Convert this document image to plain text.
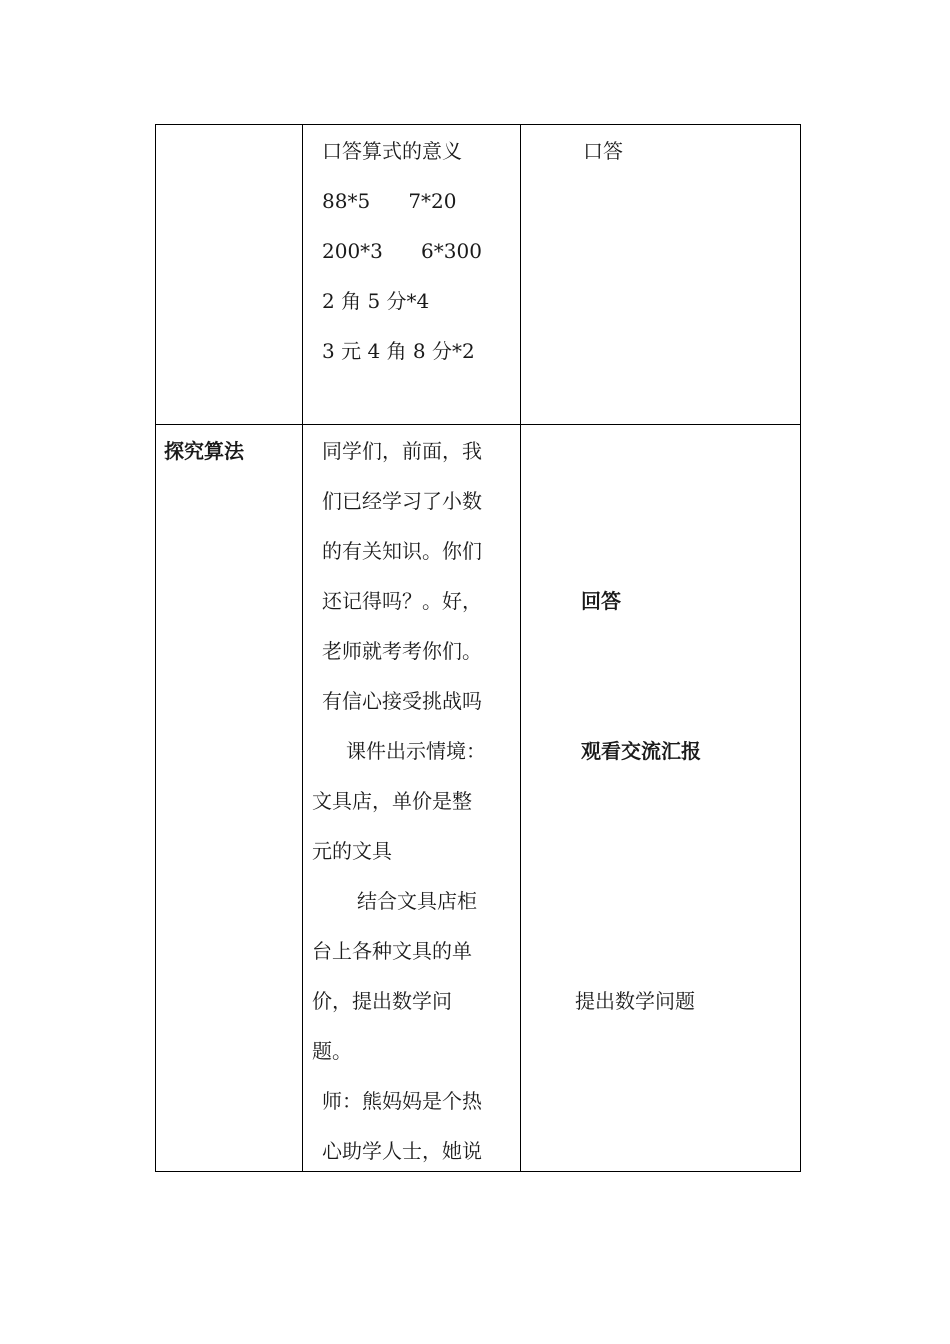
口答算式的意义
88*5      7*20
200*3      6*300
2 角 5 分*4
3 元 4 角 8 分*2
口答
探究算法	同学们，前面，我
们已经学习了小数
的有关知识。你们
还记得吗？。好，
老师就考考你们。
有信心接受挑战吗
课件出示情境：
文具店，单价是整
元的文具
结合文具店柜
台上各种文具的单
价，提出数学问
题。
师：熊妈妈是个热
心助学人士，她说
回答
观看交流汇报
提出数学问题
